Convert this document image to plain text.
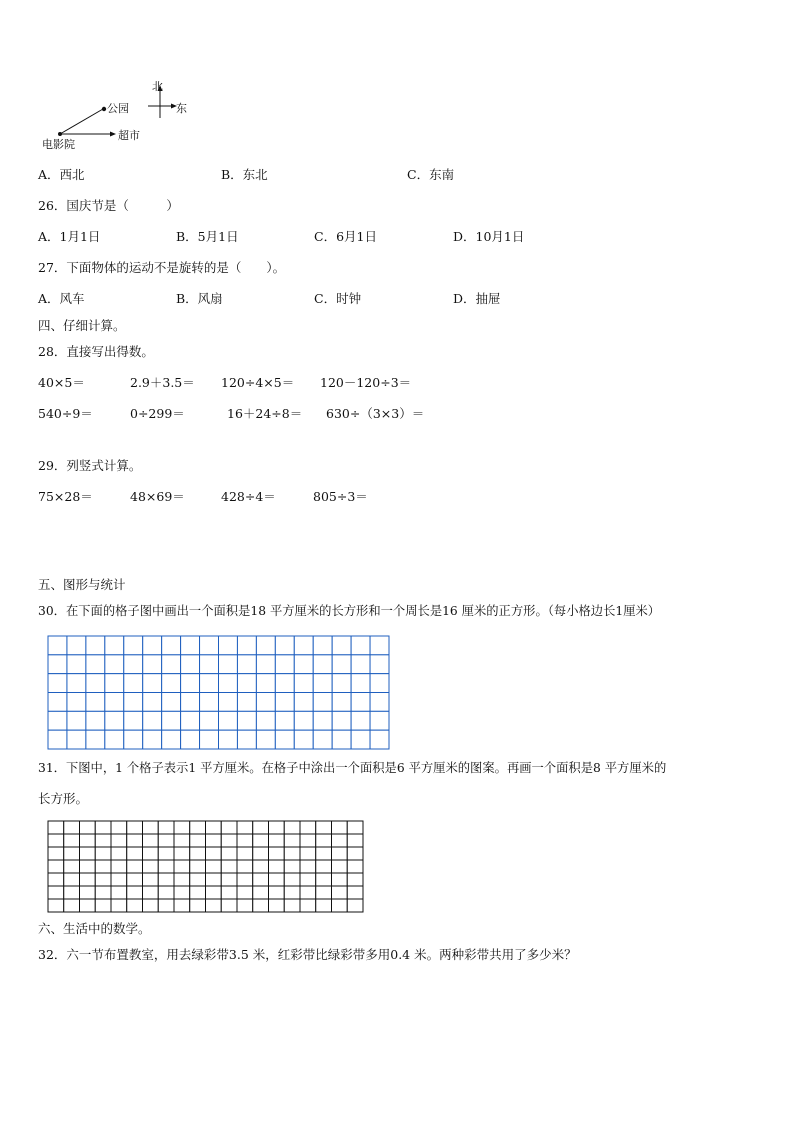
北
东
公园
超市
电影院
A．西北	B．东北	C．东南
26．国庆节是（　　　）
A．1月1日	B．5月1日	C．6月1日	D．10月1日
27．下面物体的运动不是旋转的是（　　）。
A．风车	B．风扇	C．时钟	D．抽屉
四、仔细计算。
28．直接写出得数。
40×5＝	2.9＋3.5＝ 120÷4×5＝ 120－120÷3＝
540÷9＝	0÷299＝	16＋24÷8＝ 630÷（3×3）＝
29．列竖式计算。
75×28＝	48×69＝	428÷4＝	805÷3＝
五、图形与统计
30．在下面的格子图中画出一个面积是18 平方厘米的长方形和一个周长是16 厘米的正方形。（每小格边长1厘米）
31．下图中，1 个格子表示1 平方厘米。在格子中涂出一个面积是6 平方厘米的图案。再画一个面积是8 平方厘米的
长方形。
六、生活中的数学。
32．六一节布置教室，用去绿彩带3.5 米，红彩带比绿彩带多用0.4 米。两种彩带共用了多少米？
